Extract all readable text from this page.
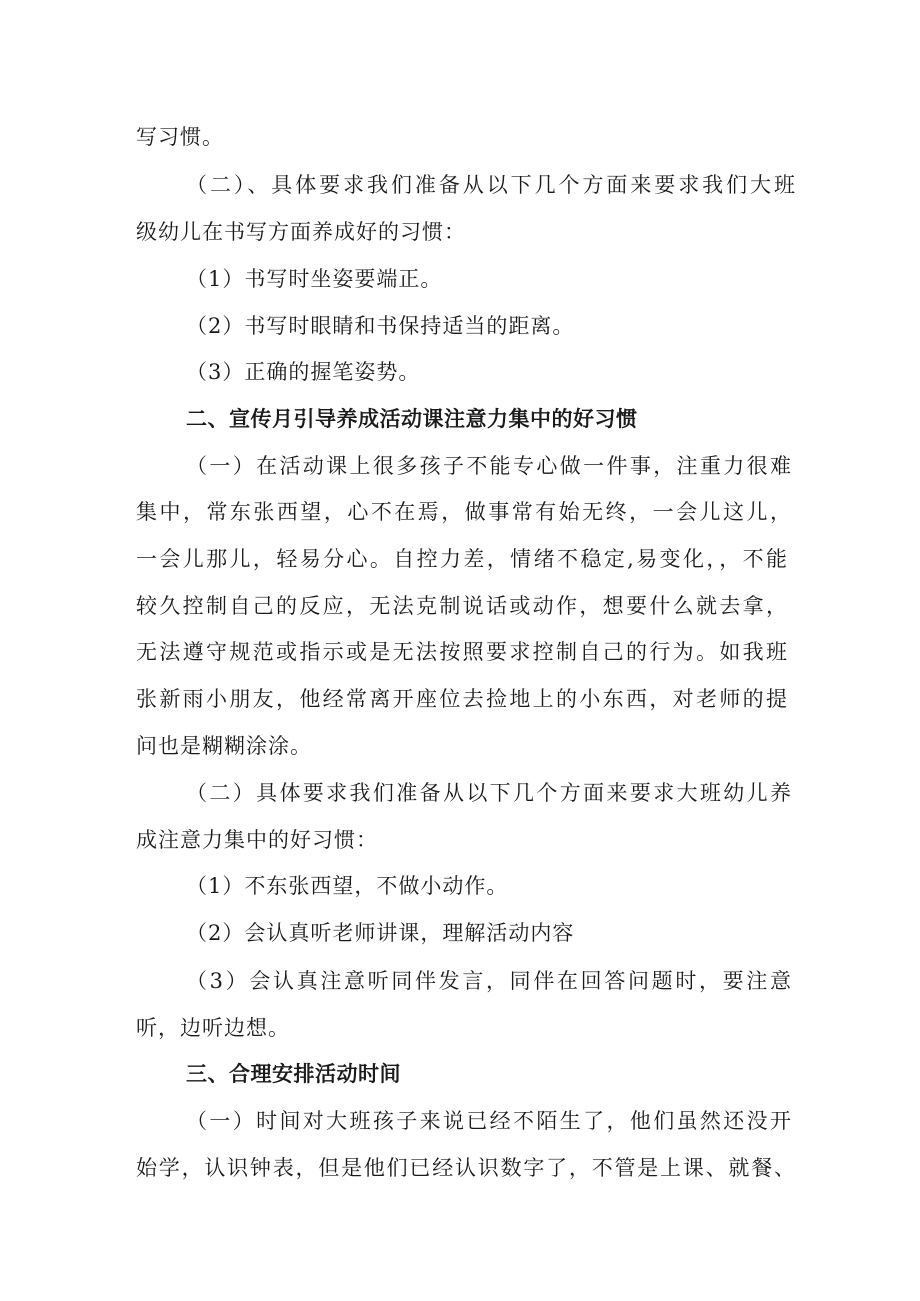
写习惯。
（二）、具体要求我们准备从以下几个方面来要求我们大班
级幼儿在书写方面养成好的习惯：
（1）书写时坐姿要端正。
（2）书写时眼睛和书保持适当的距离。
（3）正确的握笔姿势。
二、宣传月引导养成活动课注意力集中的好习惯
（一）在活动课上很多孩子不能专心做一件事，注重力很难
集中，常东张西望，心不在焉，做事常有始无终，一会儿这儿，
一会儿那儿，轻易分心。自控力差，情绪不稳定,易变化，，不能
较久控制自己的反应，无法克制说话或动作，想要什么就去拿，
无法遵守规范或指示或是无法按照要求控制自己的行为。如我班
张新雨小朋友，他经常离开座位去捡地上的小东西，对老师的提
问也是糊糊涂涂。
（二）具体要求我们准备从以下几个方面来要求大班幼儿养
成注意力集中的好习惯：
（1）不东张西望，不做小动作。
（2）会认真听老师讲课，理解活动内容
（3）会认真注意听同伴发言，同伴在回答问题时，要注意
听，边听边想。
三、合理安排活动时间
（一）时间对大班孩子来说已经不陌生了，他们虽然还没开
始学，认识钟表，但是他们已经认识数字了，不管是上课、就餐、
